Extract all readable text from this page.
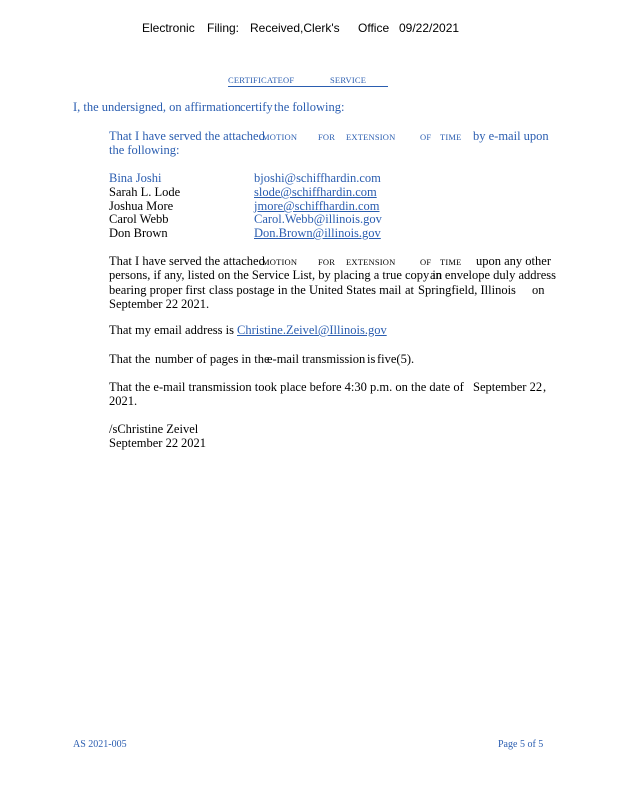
Electronic Filing: Received,Clerk's Office 09/22/2021
CERTIFICATEOF	SERVICE
I, the undersigned, on affirmation certify the following:
That I have served the attached
MOTION FOR EXTENSION	OF TIME by e-mail upon
the following:
Bina Joshi	bjoshi@schiffhardin.com
Sarah L. Lode	slode@schiffhardin.com
Joshua More	jmore@schiffhardin.com
Carol Webb	Carol.Webb@illinois.gov
Don Brown	Don.Brown@illinois.gov
That I have served the attached
MOTION FOR EXTENSION	OF TIME upon any other
persons, if any, listed on the Service List, by placing a true copy in
an envelope duly address
bearing proper first class postage in the United States mail at Springfield, Illinois on
September 22 2021.
That my email address is Christine.Zeivel@Illinois.gov
That the number of pages in the
e-mail transmission is five(5).
That the e-mail transmission took place before 4:30 p.m. on the date of September 22 ,
2021.
/sChristine Zeivel
September 22 2021
AS 2021-005	Page 5 of 5
